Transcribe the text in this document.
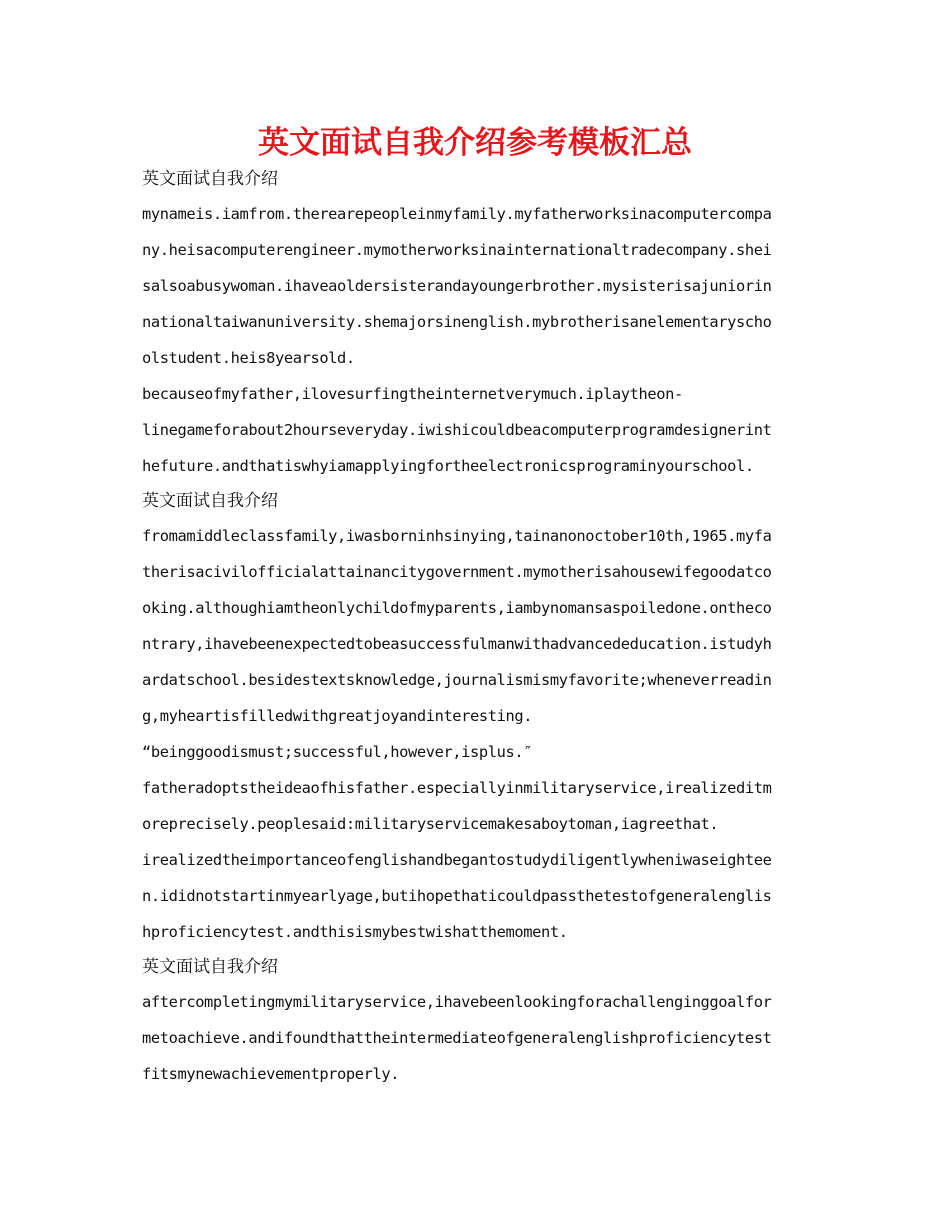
英文面试自我介绍参考模板汇总
英文面试自我介绍
mynameis.iamfrom.therearepeopleinmyfamily.myfatherworksinacomputercompa
ny.heisacomputerengineer.mymotherworksinainternationaltradecompany.shei
salsoabusywoman.ihaveaoldersisterandayoungerbrother.mysisterisajuniorin
nationaltaiwanuniversity.shemajorsinenglish.mybrotherisanelementaryscho
olstudent.heis8yearsold.
becauseofmyfather,ilovesurfingtheinternetverymuch.iplaytheon-
linegameforabout2hourseveryday.iwishicouldbeacomputerprogramdesignerint
hefuture.andthatiswhyiamapplyingfortheelectronicsprograminyourschool.
英文面试自我介绍
fromamiddleclassfamily,iwasborninhsinying,tainanonoctober10th,1965.myfa
therisacivilofficialattainancitygovernment.mymotherisahousewifegoodatco
oking.althoughiamtheonlychildofmyparents,iambynomansaspoiledone.ontheco
ntrary,ihavebeenexpectedtobeasuccessfulmanwithadvancededucation.istudyh
ardatschool.besidestextsknowledge,journalismismyfavorite;wheneverreadin
g,myheartisfilledwithgreatjoyandinteresting.
“beinggoodismust;successful,however,isplus.″
fatheradoptstheideaofhisfather.especiallyinmilitaryservice,irealizeditm
oreprecisely.peoplesaid:militaryservicemakesaboytoman,iagreethat.
irealizedtheimportanceofenglishandbegantostudydiligentlywheniwaseightee
n.ididnotstartinmyearlyage,butihopethaticouldpassthetestofgeneralenglis
hproficiencytest.andthisismybestwishatthemoment.
英文面试自我介绍
aftercompletingmymilitaryservice,ihavebeenlookingforachallenginggoalfor
metoachieve.andifoundthattheintermediateofgeneralenglishproficiencytest
fitsmynewachievementproperly.
